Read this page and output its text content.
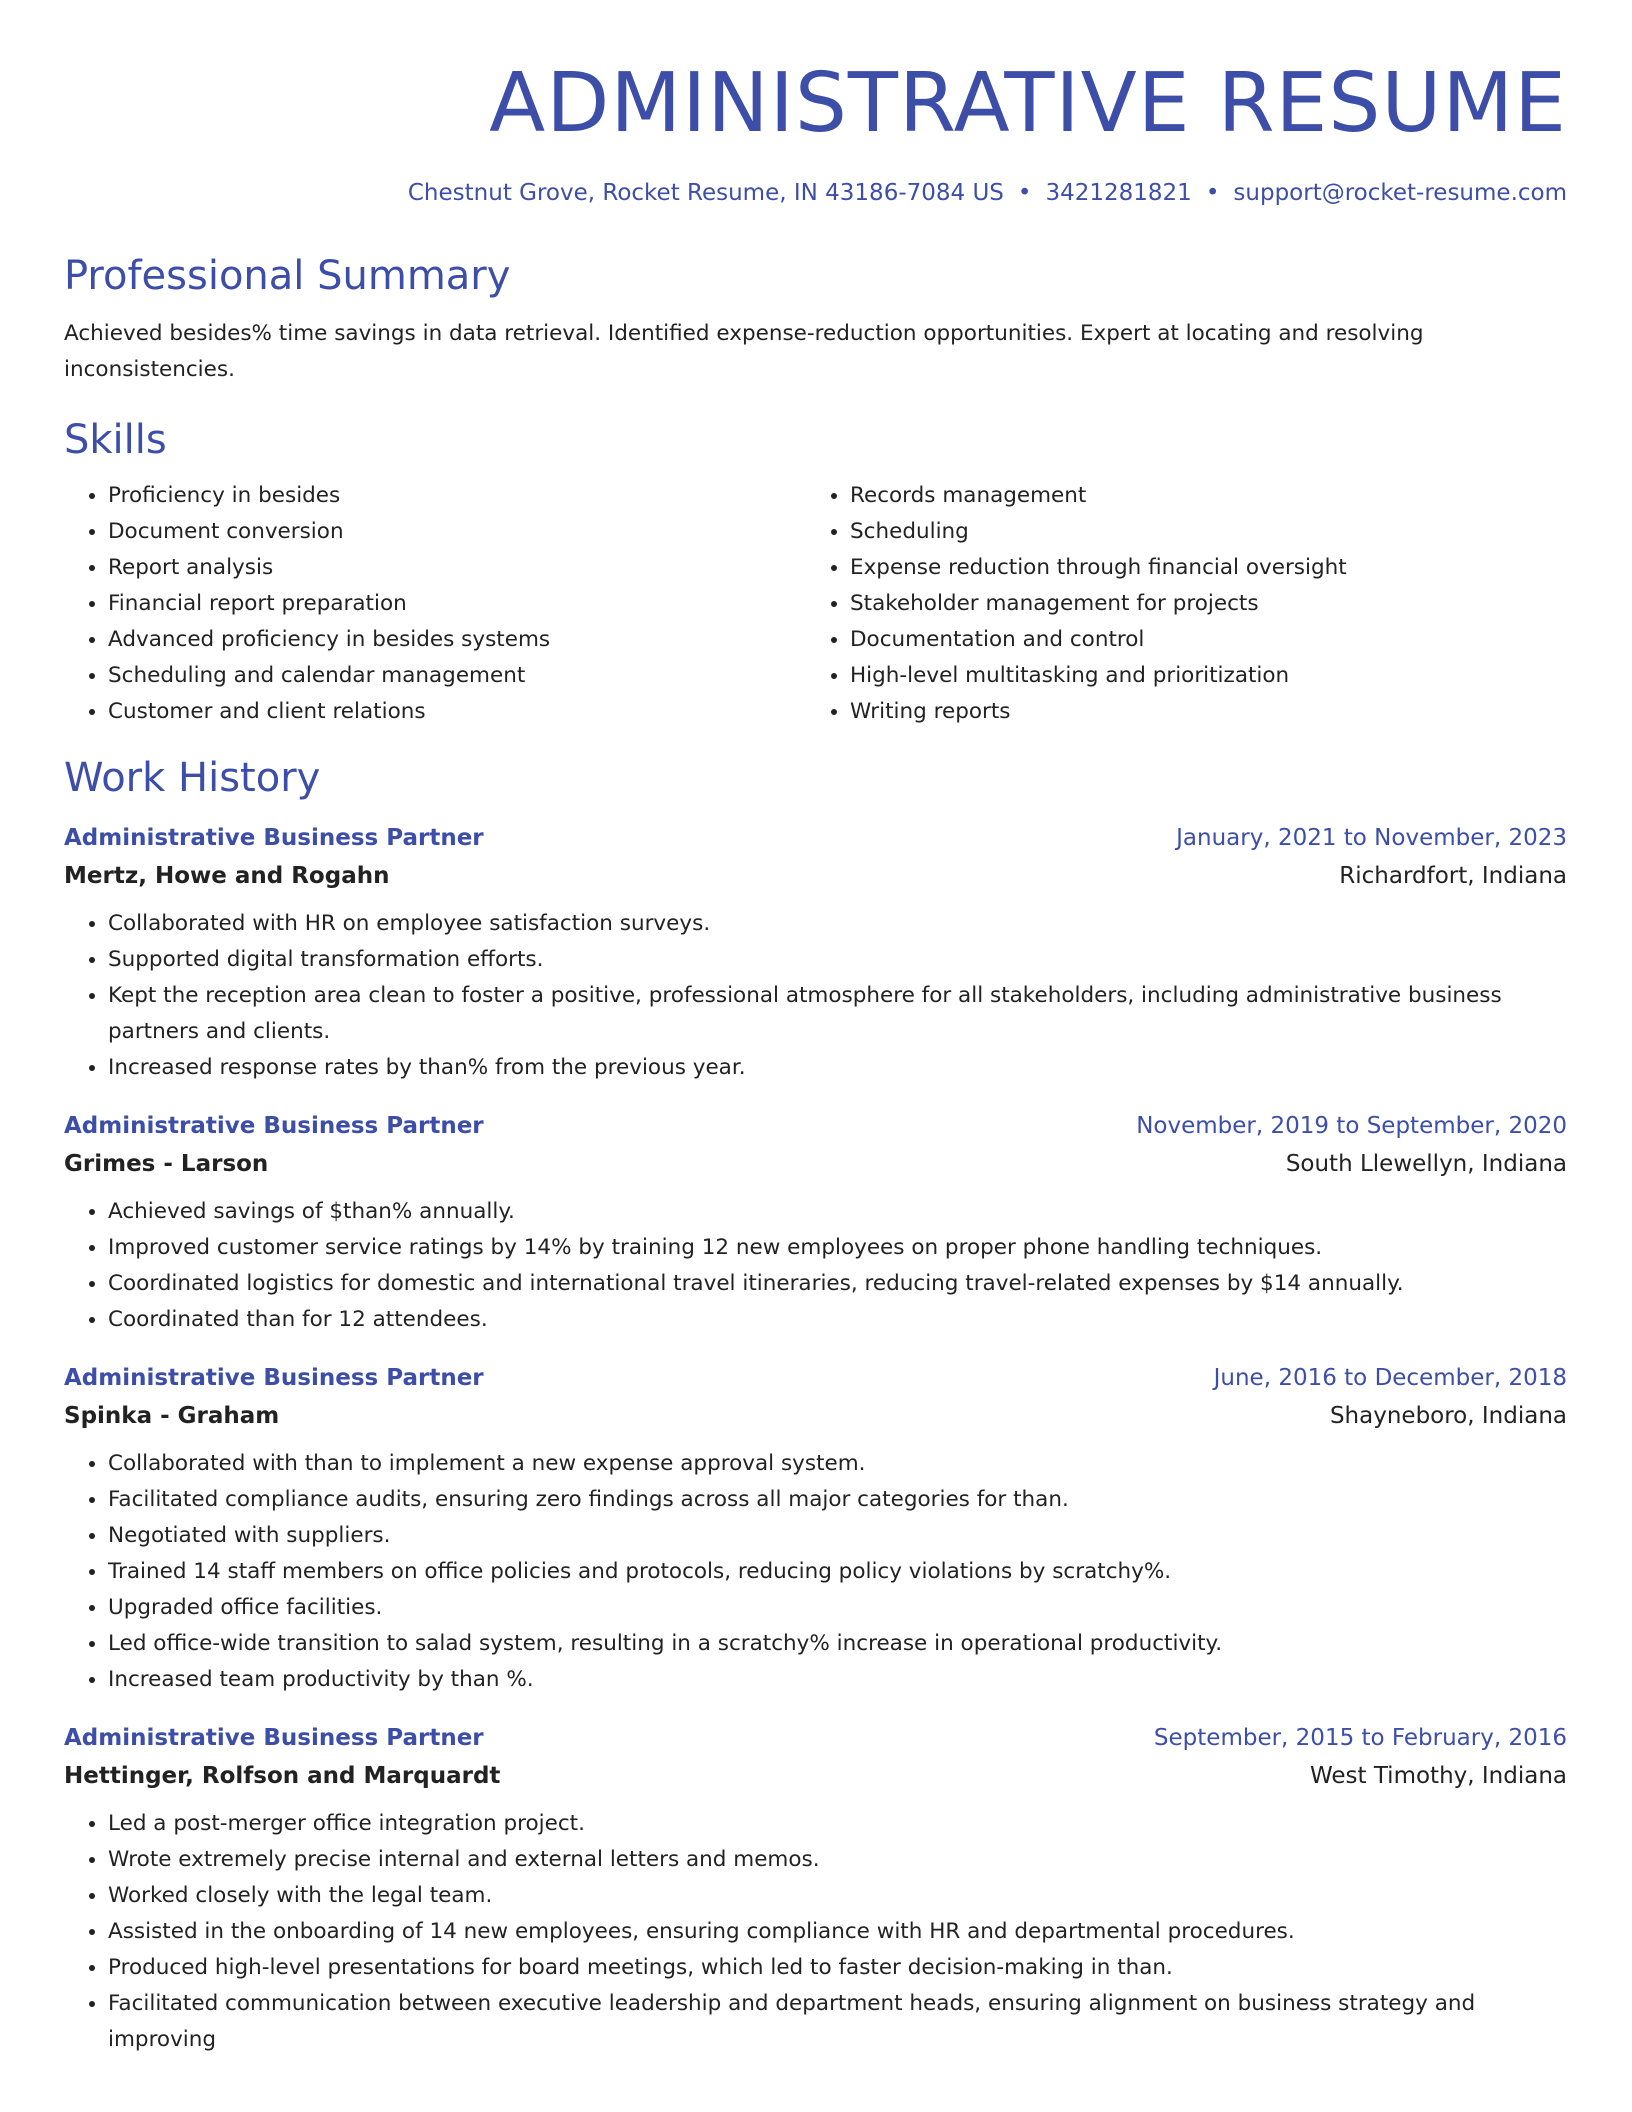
ADMINISTRATIVE RESUME
Chestnut Grove, Rocket Resume, IN 43186-7084 US • 3421281821 • support@rocket-resume.com
Professional Summary
Achieved besides% time savings in data retrieval. Identified expense-reduction opportunities. Expert at locating and resolving inconsistencies.
Skills
• Proficiency in besides
• Document conversion
• Report analysis
• Financial report preparation
• Advanced proficiency in besides systems
• Scheduling and calendar management
• Customer and client relations
• Records management
• Scheduling
• Expense reduction through financial oversight
• Stakeholder management for projects
• Documentation and control
• High-level multitasking and prioritization
• Writing reports
Work History
Administrative Business Partner	January, 2021 to November, 2023
Mertz, Howe and Rogahn	Richardfort, Indiana
• Collaborated with HR on employee satisfaction surveys.
• Supported digital transformation efforts.
• Kept the reception area clean to foster a positive, professional atmosphere for all stakeholders, including administrative business partners and clients.
• Increased response rates by than% from the previous year.
Administrative Business Partner	November, 2019 to September, 2020
Grimes - Larson	South Llewellyn, Indiana
• Achieved savings of $than% annually.
• Improved customer service ratings by 14% by training 12 new employees on proper phone handling techniques.
• Coordinated logistics for domestic and international travel itineraries, reducing travel-related expenses by $14 annually.
• Coordinated than for 12 attendees.
Administrative Business Partner	June, 2016 to December, 2018
Spinka - Graham	Shayneboro, Indiana
• Collaborated with than to implement a new expense approval system.
• Facilitated compliance audits, ensuring zero findings across all major categories for than.
• Negotiated with suppliers.
• Trained 14 staff members on office policies and protocols, reducing policy violations by scratchy%.
• Upgraded office facilities.
• Led office-wide transition to salad system, resulting in a scratchy% increase in operational productivity.
• Increased team productivity by than %.
Administrative Business Partner	September, 2015 to February, 2016
Hettinger, Rolfson and Marquardt	West Timothy, Indiana
• Led a post-merger office integration project.
• Wrote extremely precise internal and external letters and memos.
• Worked closely with the legal team.
• Assisted in the onboarding of 14 new employees, ensuring compliance with HR and departmental procedures.
• Produced high-level presentations for board meetings, which led to faster decision-making in than.
• Facilitated communication between executive leadership and department heads, ensuring alignment on business strategy and improving
